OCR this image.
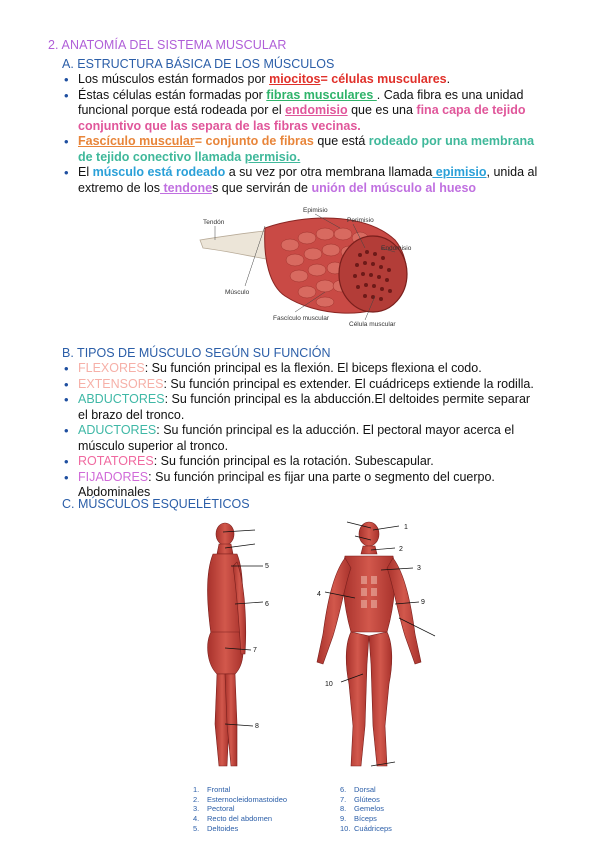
2. ANATOMÍA DEL SISTEMA MUSCULAR
A. ESTRUCTURA BÁSICA DE LOS MÚSCULOS
• Los músculos están formados por miocitos= células musculares.
• Éstas células están formadas por fibras musculares . Cada fibra es una unidad funcional porque está rodeada por el endomisio que es una fina capa de tejido conjuntivo que las separa de las fibras vecinas.
• Fascículo muscular= conjunto de fibras que está rodeado por una membrana de tejido conectivo llamada permisio.
• El músculo está rodeado a su vez por otra membrana llamada epimisio, unida al extremo de los tendones que servirán de unión del músculo al hueso
Tendón
Epimisio
Perimisio
Endomisio
Músculo
Fascículo muscular
Célula muscular
B. TIPOS DE MÚSCULO SEGÚN SU FUNCIÓN
• FLEXORES: Su función principal es la flexión. El biceps flexiona el codo.
• EXTENSORES: Su función principal es extender. El cuádriceps extiende la rodilla.
• ABDUCTORES: Su función principal es la abducción.El deltoides permite separar el brazo del tronco.
• ADUCTORES: Su función principal es la aducción. El pectoral mayor acerca el músculo superior al tronco.
• ROTATORES: Su función principal es la rotación. Subescapular.
• FIJADORES: Su función principal es fijar una parte o segmento del cuerpo. Abdominales
C. MÚSCULOS ESQUELÉTICOS
1
2
3
4
5
6
7
8
9
10
1. Frontal
2. Esternocleidomastoideo
3. Pectoral
4. Recto del abdomen
5. Deltoides
6. Dorsal
7. Glúteos
8. Gemelos
9. Bíceps
10. Cuádriceps
